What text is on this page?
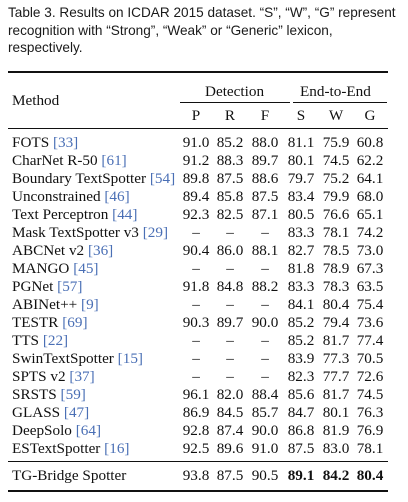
Table 3. Results on ICDAR 2015 dataset. “S”, “W”, “G” represent recognition with “Strong”, “Weak” or “Generic” lexicon, respectively.
Method
Detection End-to-End
P	R	F	S	W	G
FOTS [33]	91.0 85.2 88.0 81.1 75.9 60.8
CharNet R-50 [61]	91.2 88.3 89.7 80.1 74.5 62.2
Boundary TextSpotter [54] 89.8 87.5 88.6 79.7 75.2 64.1
Unconstrained [46]	89.4 85.8 87.5 83.4 79.9 68.0
Text Perceptron [44]	92.3 82.5 87.1 80.5 76.6 65.1
Mask TextSpotter v3 [29]	–	–	–	83.3 78.1 74.2
ABCNet v2 [36]	90.4 86.0 88.1 82.7 78.5 73.0
MANGO [45]	–	–	–	81.8 78.9 67.3
PGNet [57]	91.8 84.8 88.2 83.3 78.3 63.5
ABINet++ [9]	–	–	–	84.1 80.4 75.4
TESTR [69]	90.3 89.7 90.0 85.2 79.4 73.6
TTS [22]	–	–	–	85.2 81.7 77.4
SwinTextSpotter [15]	–	–	–	83.9 77.3 70.5
SPTS v2 [37]	–	–	–	82.3 77.7 72.6
SRSTS [59]	96.1 82.0 88.4 85.6 81.7 74.5
GLASS [47]	86.9 84.5 85.7 84.7 80.1 76.3
DeepSolo [64]	92.8 87.4 90.0 86.8 81.9 76.9
ESTextSpotter [16]	92.5 89.6 91.0 87.5 83.0 78.1
TG-Bridge Spotter	93.8 87.5 90.5 89.1 84.2 80.4
